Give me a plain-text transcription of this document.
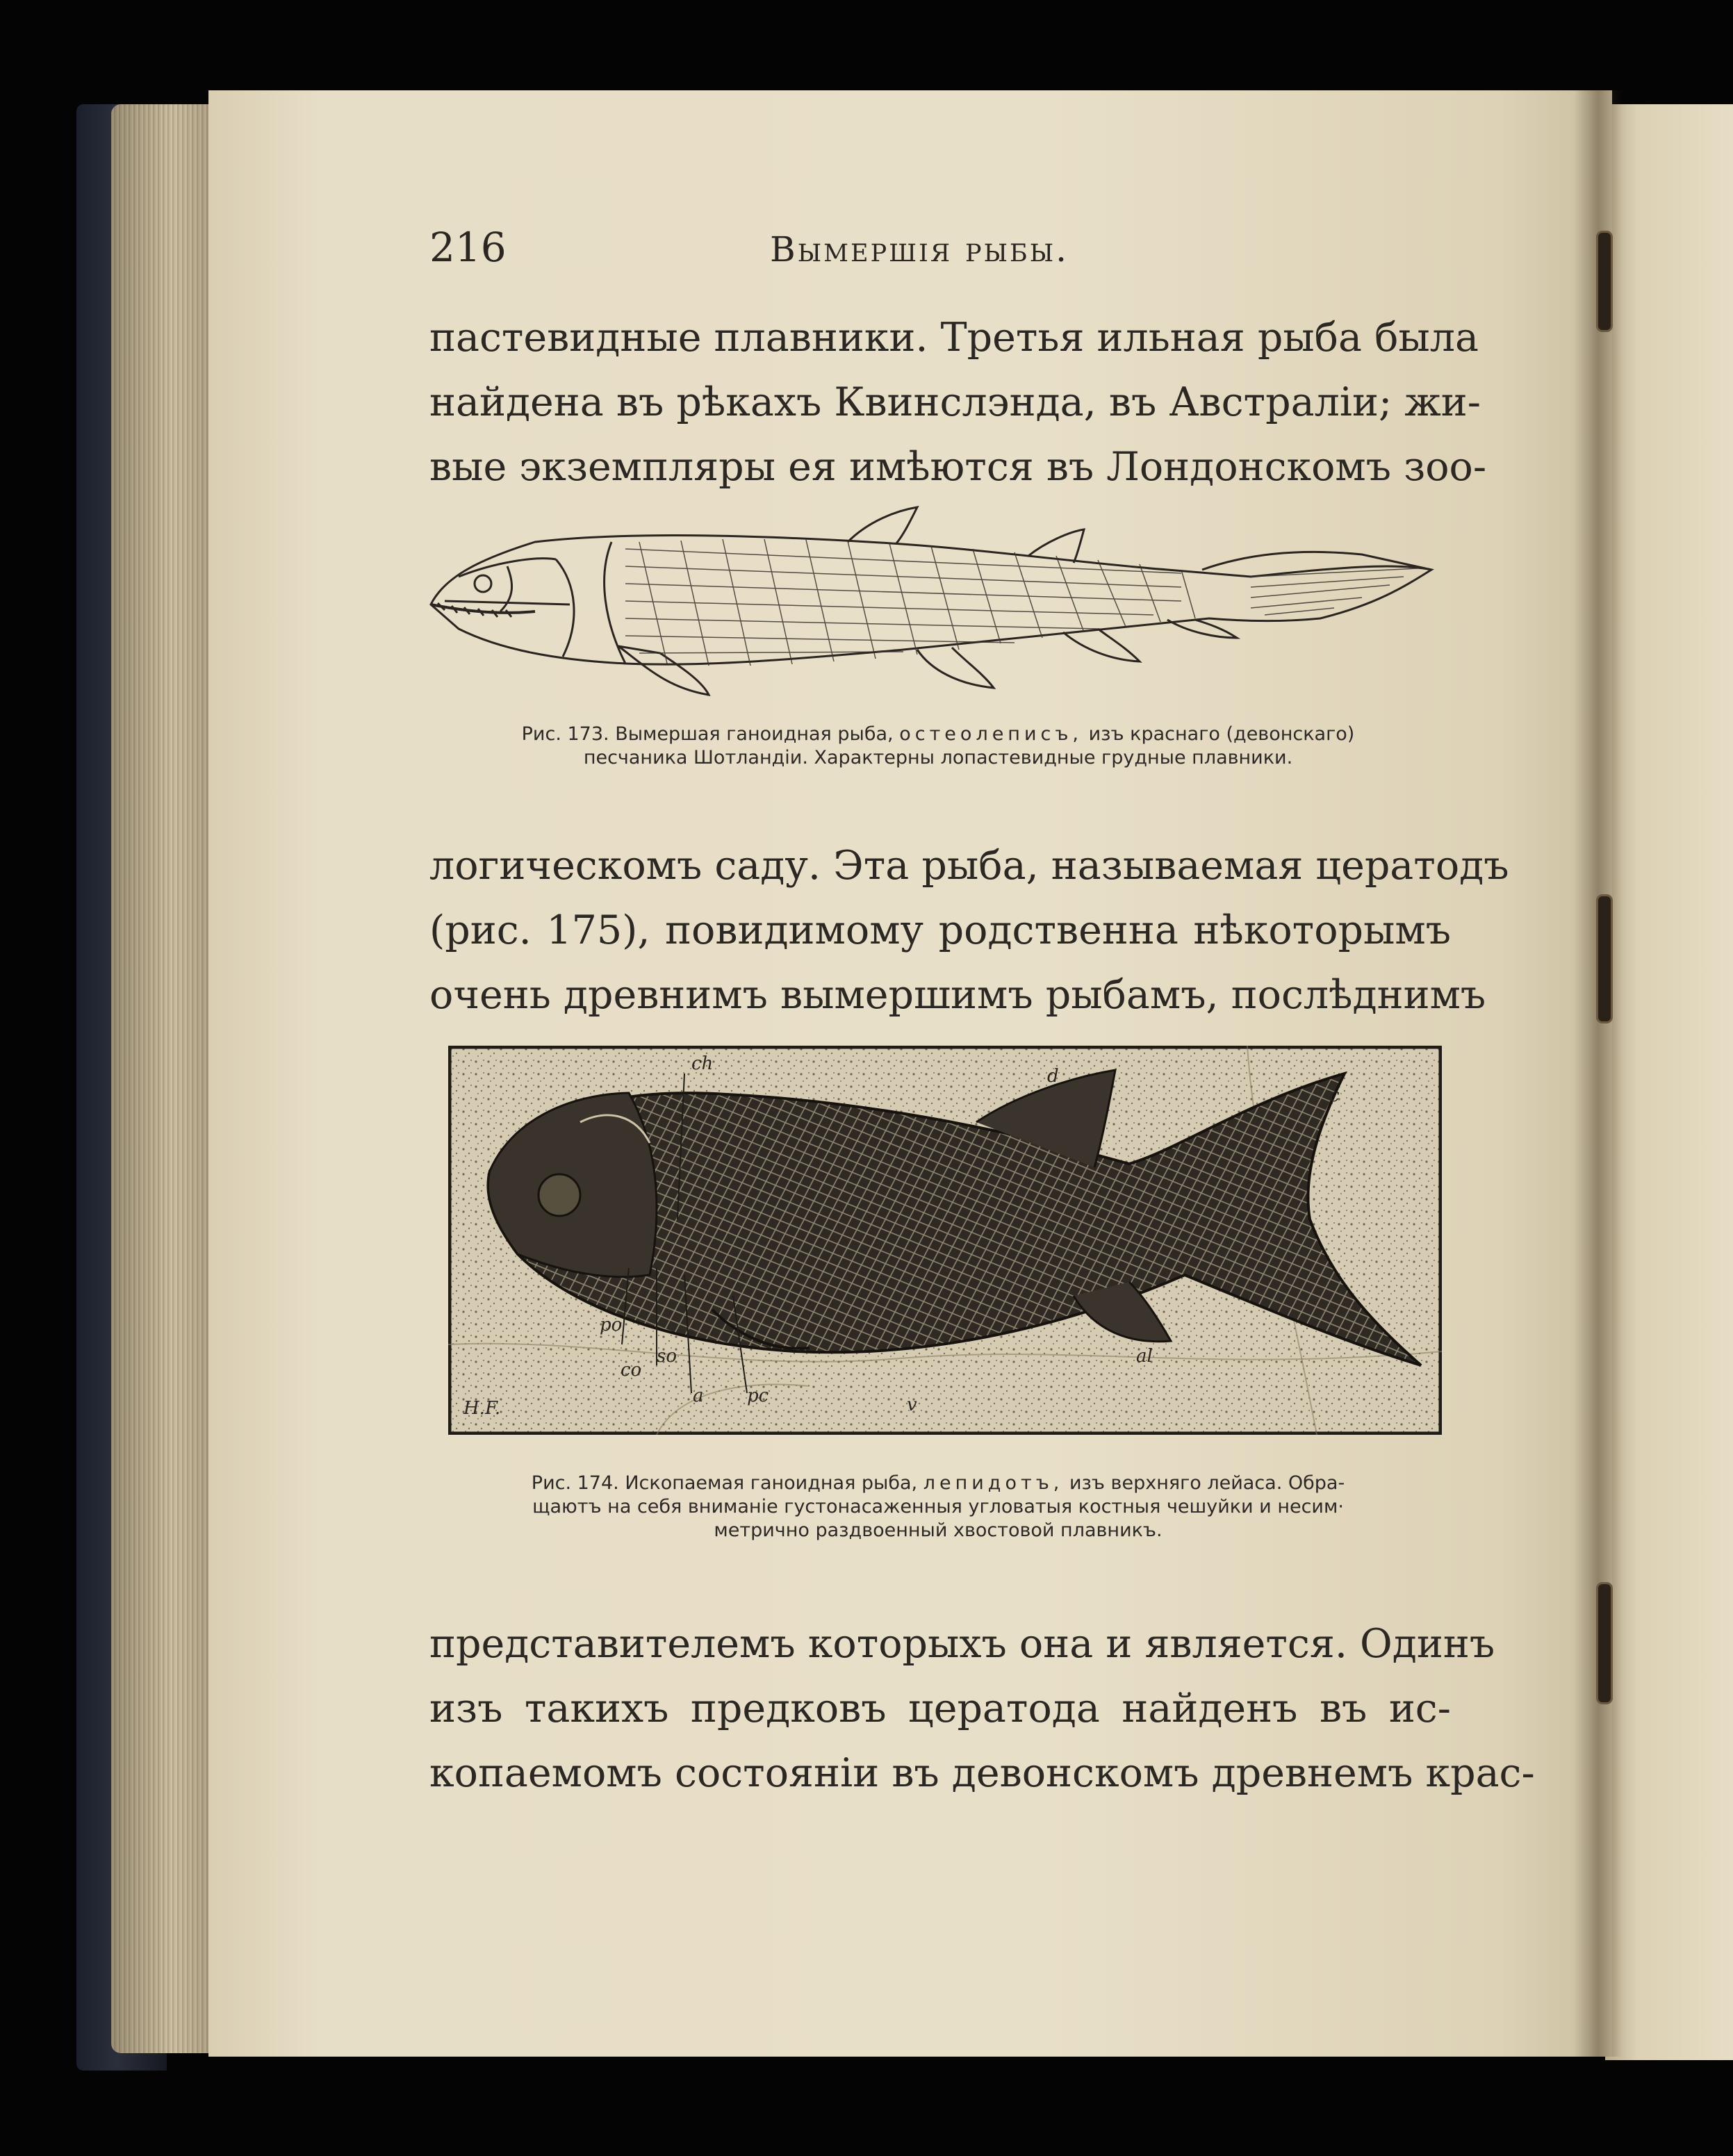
216	Вымершiя рыбы.
пастевидные плавники. Третья ильная рыба была
найдена въ рѣкахъ Квинслэнда, въ Австралiи; жи-
выe экземпляры ея имѣются въ Лондонскомъ зоо-
Рис. 173. Вымершая ганоидная рыба, остеолеписъ, изъ краснаго (девонскаго)
песчаника Шотландiи. Характерны лопастевидные грудные плавники.
логическомъ саду. Эта рыба, называемая цератодъ
(рис. 175), повидимому родственна нѣкоторымъ
очень древнимъ вымершимъ рыбамъ, послѣднимъ
ch
d
c
po
so
co
a pc	v
al
H.F.
Рис. 174. Ископаемая ганоидная рыба, лепидотъ, изъ верхняго лейаса. Обра-
щаютъ на себя вниманiе густонасаженныя угловатыя костныя чешуйки и несим·
метрично раздвоенный хвостовой плавникъ.
представителемъ которыхъ она и является. Одинъ
изъ такихъ предковъ цератода найденъ въ ис-
копаемомъ состоянiи въ девонскомъ древнемъ крас-
